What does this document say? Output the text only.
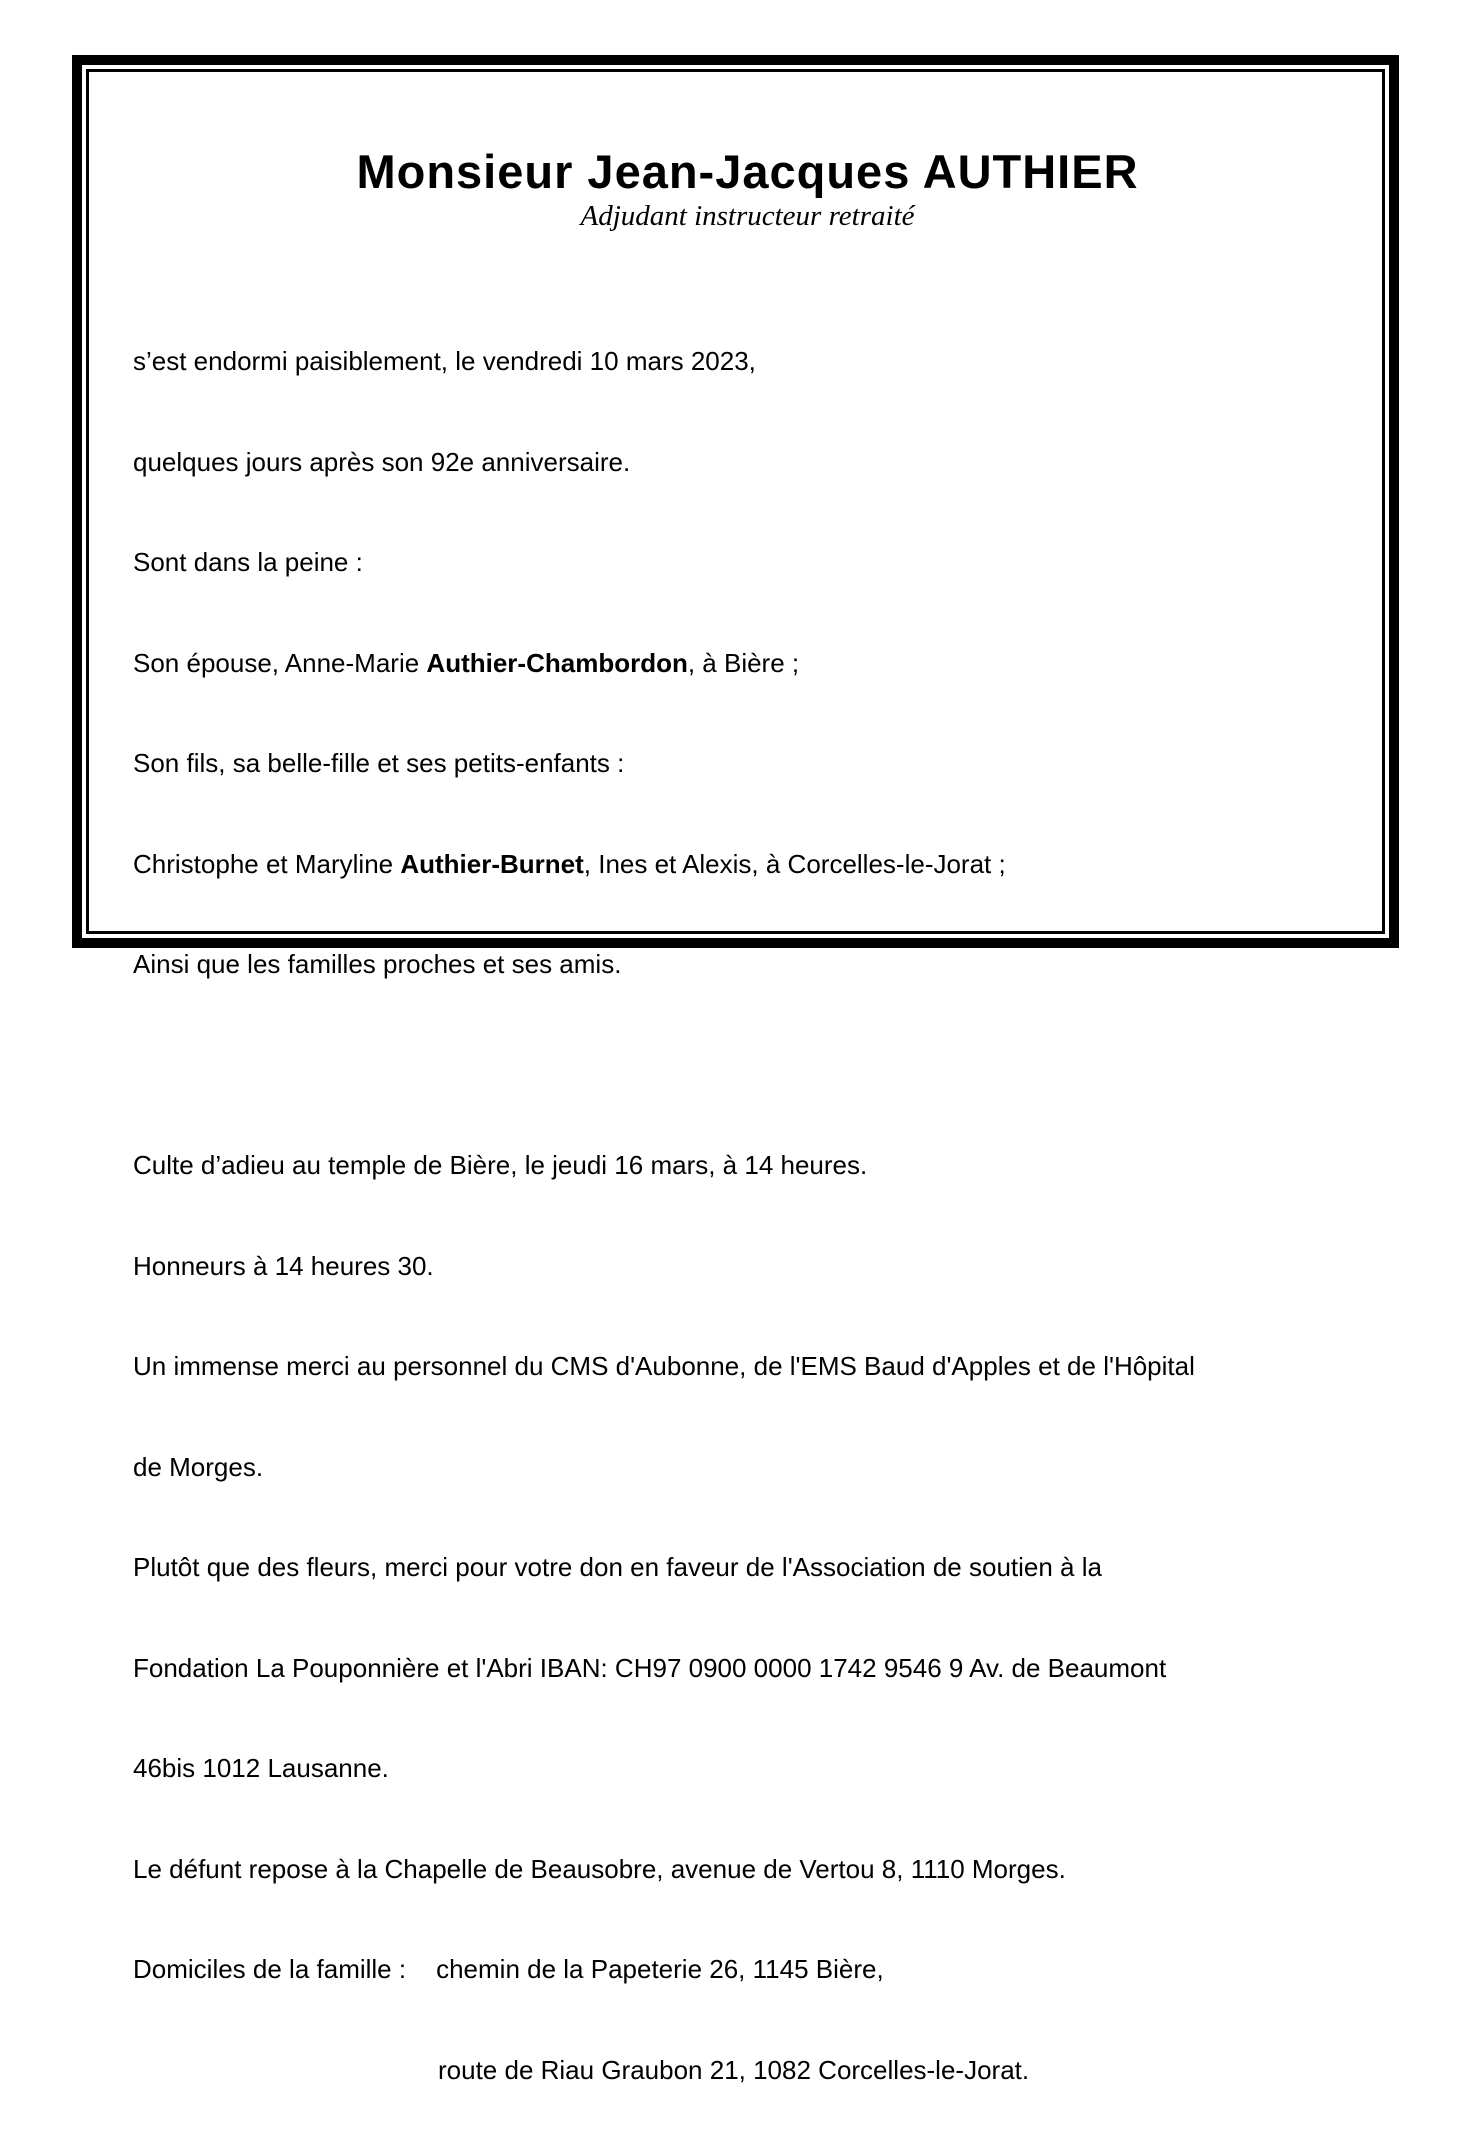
Monsieur Jean-Jacques AUTHIER
Adjudant instructeur retraité

s’est endormi paisiblement, le vendredi 10 mars 2023,

quelques jours après son 92e anniversaire.

Sont dans la peine :

Son épouse, Anne-Marie Authier-Chambordon, à Bière ;

Son fils, sa belle-fille et ses petits-enfants :

Christophe et Maryline Authier-Burnet, Ines et Alexis, à Corcelles-le-Jorat ;

Ainsi que les familles proches et ses amis.

Culte d’adieu au temple de Bière, le jeudi 16 mars, à 14 heures.

Honneurs à 14 heures 30.

Un immense merci au personnel du CMS d'Aubonne, de l'EMS Baud d'Apples et de l'Hôpital

de Morges.

Plutôt que des fleurs, merci pour votre don en faveur de l'Association de soutien à la

Fondation La Pouponnière et l'Abri IBAN: CH97 0900 0000 1742 9546 9 Av. de Beaumont

46bis 1012 Lausanne.

Le défunt repose à la Chapelle de Beausobre, avenue de Vertou 8, 1110 Morges.

Domiciles de la famille : chemin de la Papeterie 26, 1145 Bière,

route de Riau Graubon 21, 1082 Corcelles-le-Jorat.
